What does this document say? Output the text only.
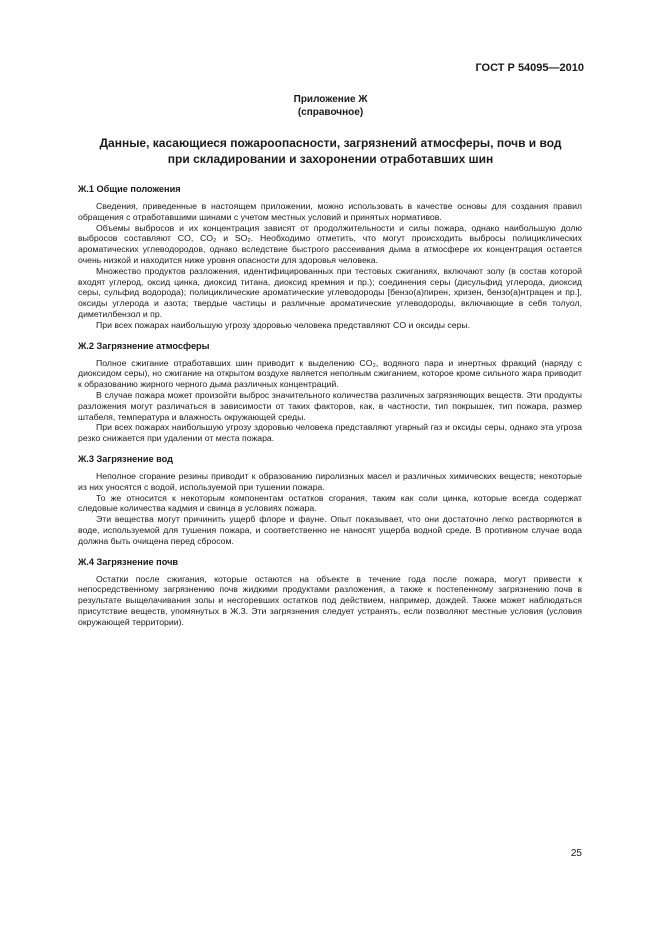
ГОСТ Р 54095—2010
Приложение Ж
(справочное)
Данные, касающиеся пожароопасности, загрязнений атмосферы, почв и вод
при складировании и захоронении отработавших шин

Ж.1 Общие положения

Сведения, приведенные в настоящем приложении, можно использовать в качестве основы для создания правил обращения с отработавшими шинами с учетом местных условий и принятых нормативов.

Объемы выбросов и их концентрация зависят от продолжительности и силы пожара, однако наибольшую долю выбросов составляют CO, CO₂ и SO₂. Необходимо отметить, что могут происходить выбросы полициклических ароматических углеводородов, однако вследствие быстрого рассеивания дыма в атмосфере их концентрация остается очень низкой и находится ниже уровня опасности для здоровья человека.

Множество продуктов разложения, идентифицированных при тестовых сжиганиях, включают золу (в состав которой входят углерод, оксид цинка, диоксид титана, диоксид кремния и пр.); соединения серы (дисульфид углерода, диоксид серы, сульфид водорода); полициклические ароматические углеводороды [бензо(а)пирен, хризен, бензо(а)нтрацен и пр.], оксиды углерода и азота; твердые частицы и различные ароматические углеводороды, включающие в себя толуол, диметилбензол и пр.

При всех пожарах наибольшую угрозу здоровью человека представляют CO и оксиды серы.

Ж.2 Загрязнение атмосферы

Полное сжигание отработавших шин приводит к выделению CO₂, водяного пара и инертных фракций (наряду с диоксидом серы), но сжигание на открытом воздухе является неполным сжиганием, которое кроме сильного жара приводит к образованию жирного черного дыма различных концентраций.

В случае пожара может произойти выброс значительного количества различных загрязняющих веществ. Эти продукты разложения могут различаться в зависимости от таких факторов, как, в частности, тип покрышек, тип пожара, размер штабеля, температура и влажность окружающей среды.

При всех пожарах наибольшую угрозу здоровью человека представляют угарный газ и оксиды серы, однако эта угроза резко снижается при удалении от места пожара.

Ж.3 Загрязнение вод

Неполное сгорание резины приводит к образованию пиролизных масел и различных химических веществ; некоторые из них уносятся с водой, используемой при тушении пожара.

То же относится к некоторым компонентам остатков сгорания, таким как соли цинка, которые всегда содержат следовые количества кадмия и свинца в условиях пожара.

Эти вещества могут причинить ущерб флоре и фауне. Опыт показывает, что они достаточно легко растворяются в воде, используемой для тушения пожара, и соответственно не наносят ущерба водной среде. В противном случае вода должна быть очищена перед сбросом.

Ж.4 Загрязнение почв

Остатки после сжигания, которые остаются на объекте в течение года после пожара, могут привести к непосредственному загрязнению почв жидкими продуктами разложения, а также к постепенному загрязнению почв в результате выщелачивания золы и несгоревших остатков под действием, например, дождей. Также может наблюдаться присутствие веществ, упомянутых в Ж.3. Эти загрязнения следует устранять, если позволяют местные условия (условия окружающей территории).

25
